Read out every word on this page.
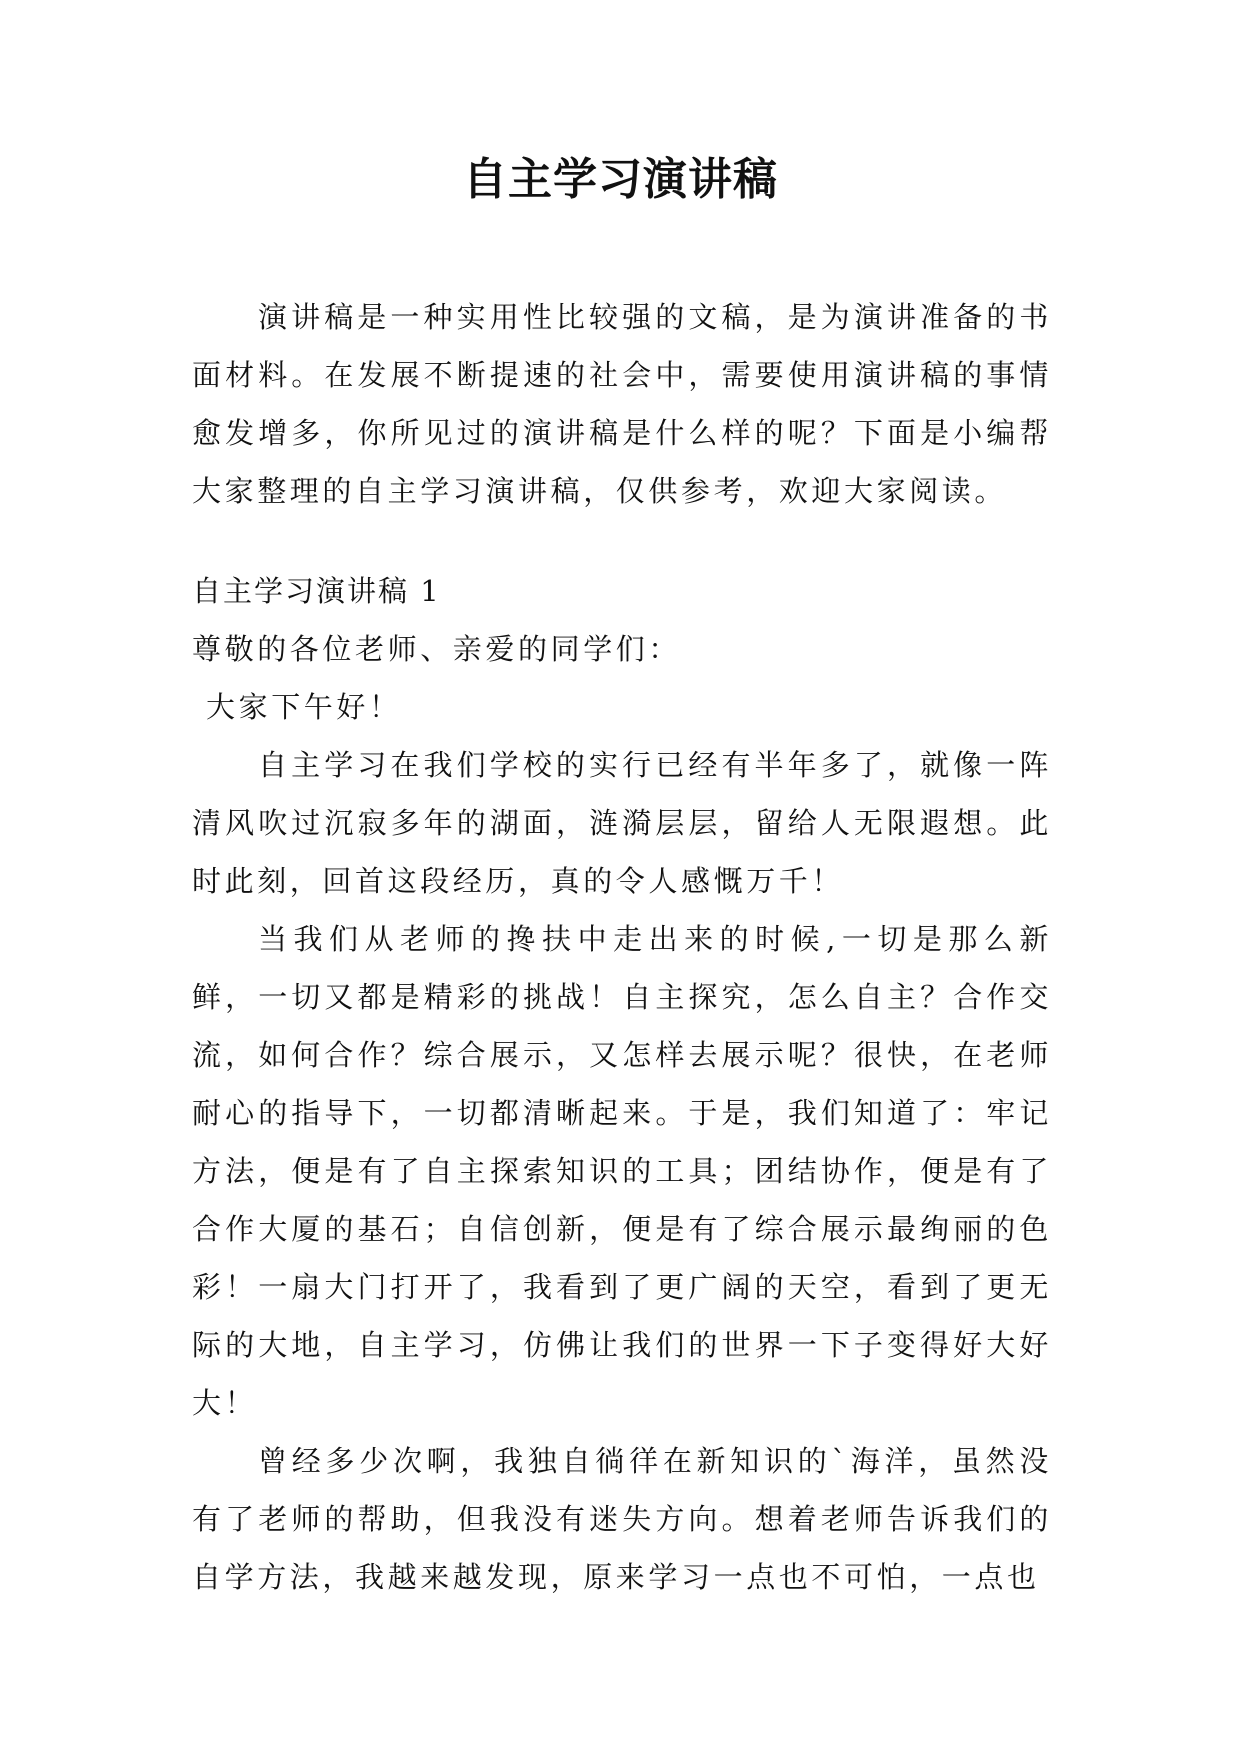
自主学习演讲稿

演讲稿是一种实用性比较强的文稿，是为演讲准备的书面材料。在发展不断提速的社会中，需要使用演讲稿的事情愈发增多，你所见过的演讲稿是什么样的呢？下面是小编帮大家整理的自主学习演讲稿，仅供参考，欢迎大家阅读。

自主学习演讲稿 1

尊敬的各位老师、亲爱的同学们：

大家下午好！

自主学习在我们学校的实行已经有半年多了，就像一阵清风吹过沉寂多年的湖面，涟漪层层，留给人无限遐想。此时此刻，回首这段经历，真的令人感慨万千！

当我们从老师的搀扶中走出来的时候,一切是那么新鲜，一切又都是精彩的挑战！自主探究，怎么自主？合作交流，如何合作？综合展示，又怎样去展示呢？很快，在老师耐心的指导下，一切都清晰起来。于是，我们知道了：牢记方法，便是有了自主探索知识的工具；团结协作，便是有了合作大厦的基石；自信创新，便是有了综合展示最绚丽的色彩！一扇大门打开了，我看到了更广阔的天空，看到了更无际的大地，自主学习，仿佛让我们的世界一下子变得好大好大！

曾经多少次啊，我独自徜徉在新知识的`海洋，虽然没有了老师的帮助，但我没有迷失方向。想着老师告诉我们的自学方法，我越来越发现，原来学习一点也不可怕，一点也
